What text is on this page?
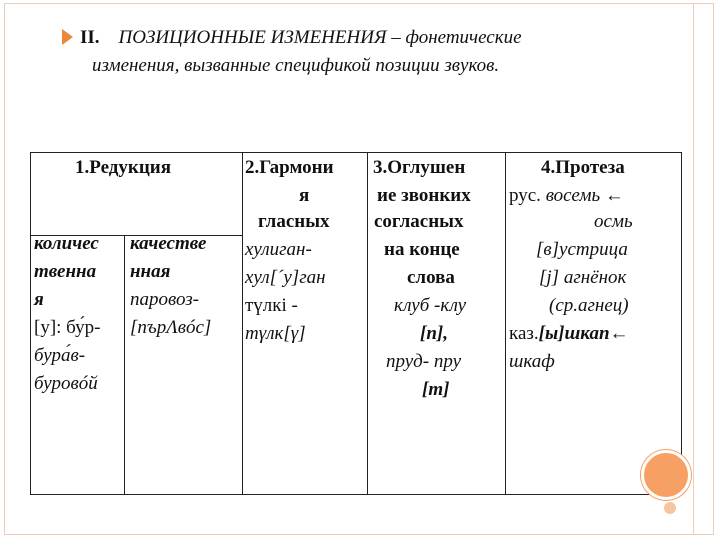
II. ПОЗИЦИОННЫЕ ИЗМЕНЕНИЯ – фонетические
изменения, вызванные спецификой позиции звуков.
1.Редукция
количес
твенна
я
[у]: бу́р-
бура́в-
буровóй
качестве
нная
паровоз-
[пърΛвóс]
2.Гармони
я
гласных
хулиган-
хул[´у]ган
түлкі -
тγлк[γ]
3.Оглушен
ие звонких
согласных
на конце
слова
клуб -клу
[п],
пруд- пру
[т]
4.Протеза
рус. восемь ←
осмь
[в]устрица
[j] агнёнок
(ср.агнец)
каз.[ы]шкап←
шкаф
